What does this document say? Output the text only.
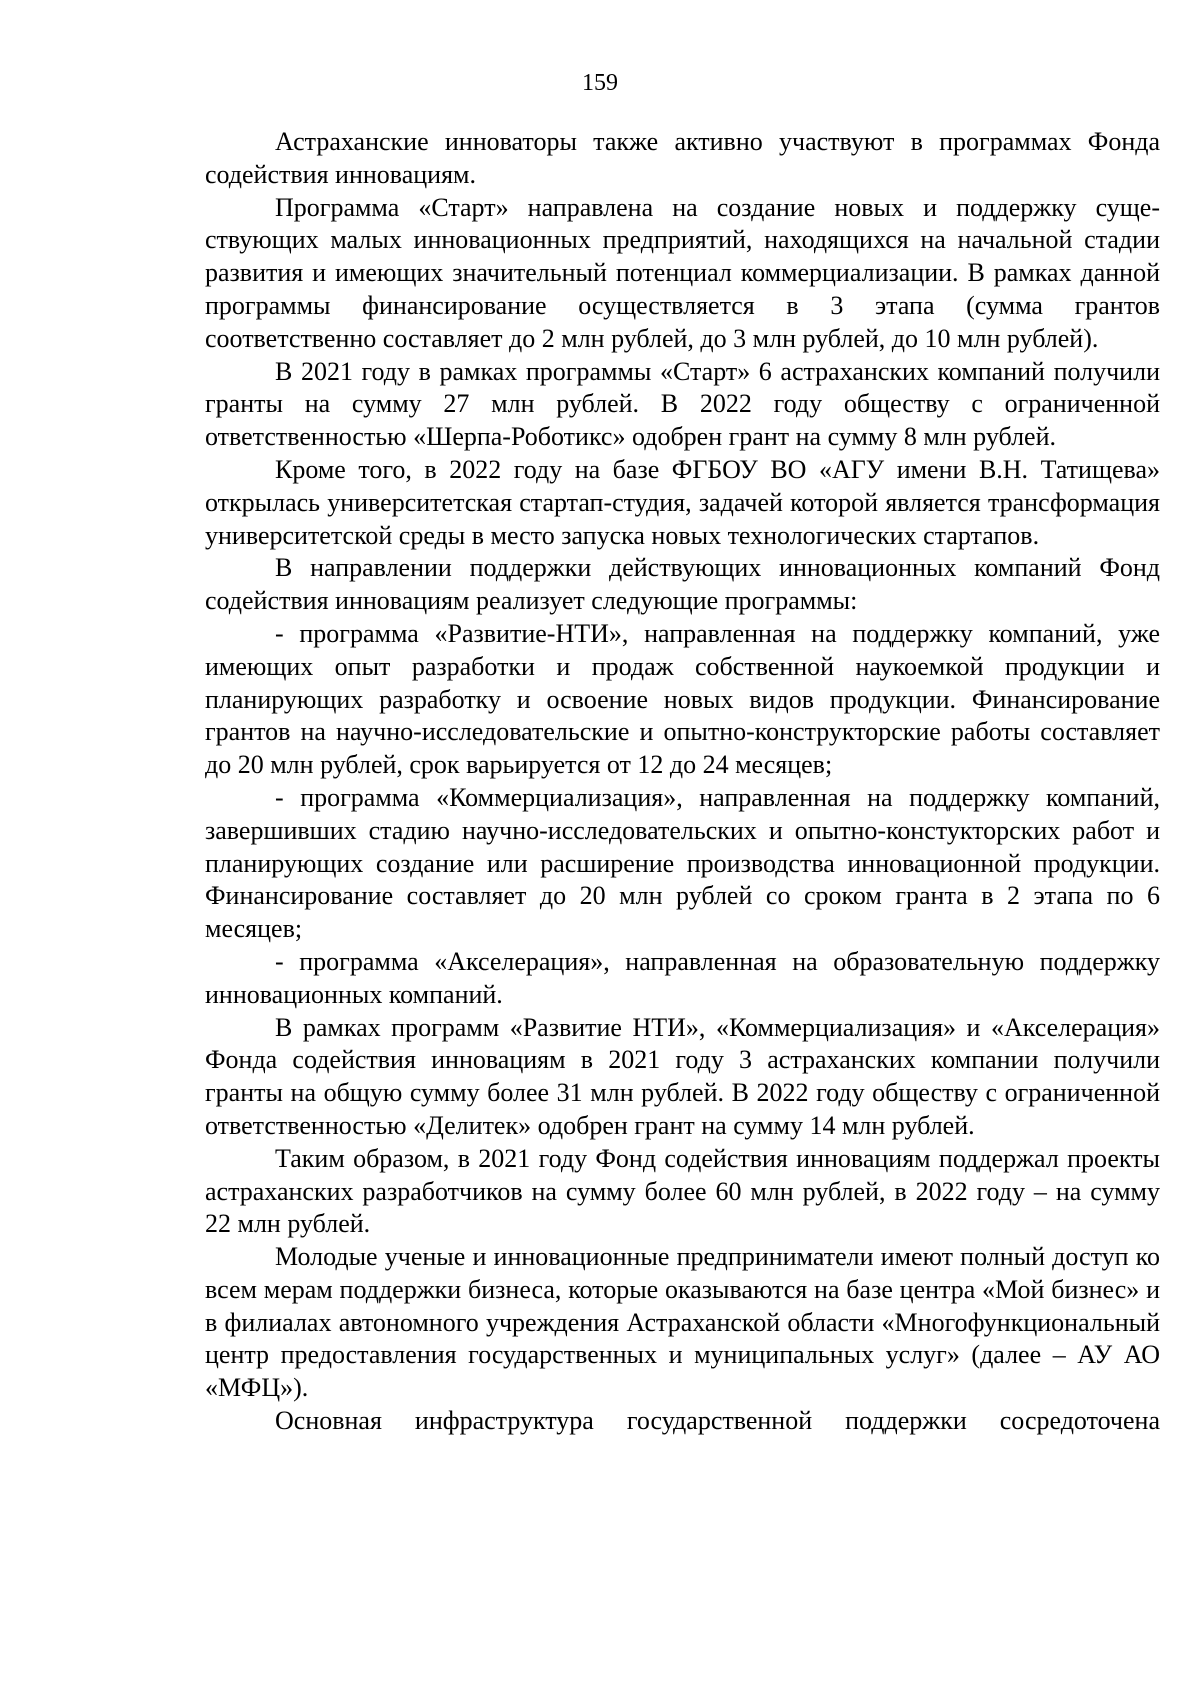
159

Астраханские инноваторы также активно участвуют в программах Фонда содействия инновациям.

Программа «Старт» направлена на создание новых и поддержку существующих малых инновационных предприятий, находящихся на начальной стадии развития и имеющих значительный потенциал коммерциализации. В рамках данной программы финансирование осуществляется в 3 этапа (сумма грантов соответственно составляет до 2 млн рублей, до 3 млн рублей, до 10 млн рублей).

В 2021 году в рамках программы «Старт» 6 астраханских компаний получили гранты на сумму 27 млн рублей. В 2022 году обществу с ограниченной ответственностью «Шерпа-Роботикс» одобрен грант на сумму 8 млн рублей.

Кроме того, в 2022 году на базе ФГБОУ ВО «АГУ имени В.Н. Татищева» открылась университетская стартап-студия, задачей которой является трансформация университетской среды в место запуска новых технологических стартапов.

В направлении поддержки действующих инновационных компаний Фонд содействия инновациям реализует следующие программы:

- программа «Развитие-НТИ», направленная на поддержку компаний, уже имеющих опыт разработки и продаж собственной наукоемкой продукции и планирующих разработку и освоение новых видов продукции. Финансирование грантов на научно-исследовательские и опытно-конструкторские работы составляет до 20 млн рублей, срок варьируется от 12 до 24 месяцев;

- программа «Коммерциализация», направленная на поддержку компаний, завершивших стадию научно-исследовательских и опытно-констукторских работ и планирующих создание или расширение производства инновационной продукции. Финансирование составляет до 20 млн рублей со сроком гранта в 2 этапа по 6 месяцев;

- программа «Акселерация», направленная на образовательную поддержку инновационных компаний.

В рамках программ «Развитие НТИ», «Коммерциализация» и «Акселерация» Фонда содействия инновациям в 2021 году 3 астраханских компании получили гранты на общую сумму более 31 млн рублей. В 2022 году обществу с ограниченной ответственностью «Делитек» одобрен грант на сумму 14 млн рублей.

Таким образом, в 2021 году Фонд содействия инновациям поддержал проекты астраханских разработчиков на сумму более 60 млн рублей, в 2022 году – на сумму 22 млн рублей.

Молодые ученые и инновационные предприниматели имеют полный доступ ко всем мерам поддержки бизнеса, которые оказываются на базе центра «Мой бизнес» и в филиалах автономного учреждения Астраханской области «Многофункциональный центр предоставления государственных и муниципальных услуг» (далее – АУ АО «МФЦ»).

Основная инфраструктура государственной поддержки сосредоточена
